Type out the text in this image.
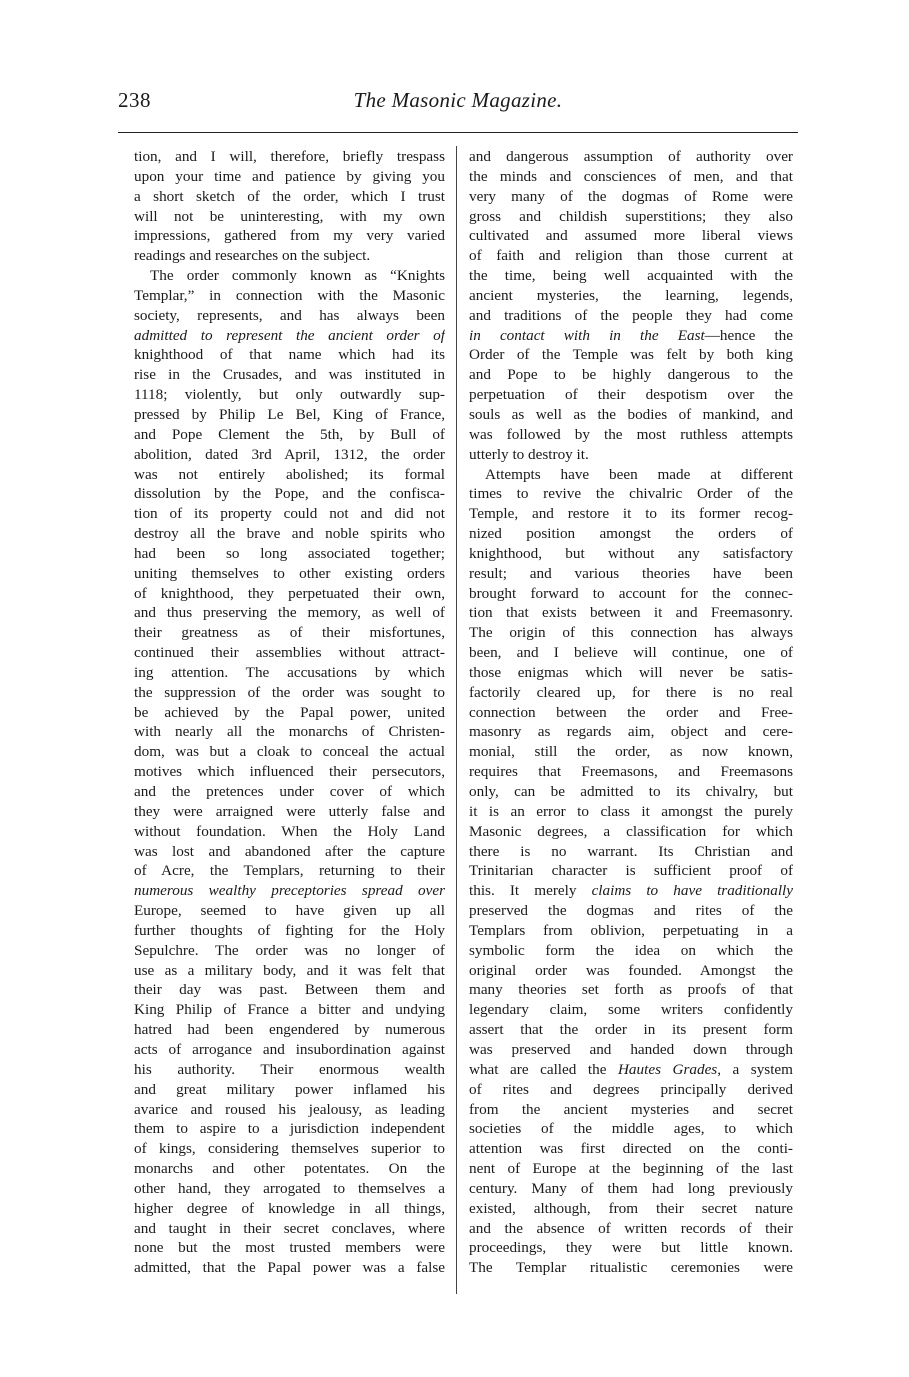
238	The Masonic Magazine.
tion, and I will, therefore, briefly trespass
upon your time and patience by giving you
a short sketch of the order, which I trust
will not be uninteresting, with my own
impressions, gathered from my very varied
readings and researches on the subject.
The order commonly known as “Knights
Templar,” in connection with the Masonic
society, represents, and has always been
admitted to represent the ancient order of
knighthood of that name which had its
rise in the Crusades, and was instituted in
1118; violently, but only outwardly sup-
pressed by Philip Le Bel, King of France,
and Pope Clement the 5th, by Bull of
abolition, dated 3rd April, 1312, the order
was not entirely abolished; its formal
dissolution by the Pope, and the confisca-
tion of its property could not and did not
destroy all the brave and noble spirits who
had been so long associated together;
uniting themselves to other existing orders
of knighthood, they perpetuated their own,
and thus preserving the memory, as well of
their greatness as of their misfortunes,
continued their assemblies without attract-
ing attention. The accusations by which
the suppression of the order was sought to
be achieved by the Papal power, united
with nearly all the monarchs of Christen-
dom, was but a cloak to conceal the actual
motives which influenced their persecutors,
and the pretences under cover of which
they were arraigned were utterly false and
without foundation. When the Holy Land
was lost and abandoned after the capture
of Acre, the Templars, returning to their
numerous wealthy preceptories spread over
Europe, seemed to have given up all
further thoughts of fighting for the Holy
Sepulchre. The order was no longer of
use as a military body, and it was felt that
their day was past. Between them and
King Philip of France a bitter and undying
hatred had been engendered by numerous
acts of arrogance and insubordination against
his authority. Their enormous wealth
and great military power inflamed his
avarice and roused his jealousy, as leading
them to aspire to a jurisdiction independent
of kings, considering themselves superior to
monarchs and other potentates. On the
other hand, they arrogated to themselves a
higher degree of knowledge in all things,
and taught in their secret conclaves, where
none but the most trusted members were
admitted, that the Papal power was a false
and dangerous assumption of authority over
the minds and consciences of men, and that
very many of the dogmas of Rome were
gross and childish superstitions; they also
cultivated and assumed more liberal views
of faith and religion than those current at
the time, being well acquainted with the
ancient mysteries, the learning, legends,
and traditions of the people they had come
in contact with in the East—hence the
Order of the Temple was felt by both king
and Pope to be highly dangerous to the
perpetuation of their despotism over the
souls as well as the bodies of mankind, and
was followed by the most ruthless attempts
utterly to destroy it.
Attempts have been made at different
times to revive the chivalric Order of the
Temple, and restore it to its former recog-
nized position amongst the orders of
knighthood, but without any satisfactory
result; and various theories have been
brought forward to account for the connec-
tion that exists between it and Freemasonry.
The origin of this connection has always
been, and I believe will continue, one of
those enigmas which will never be satis-
factorily cleared up, for there is no real
connection between the order and Free-
masonry as regards aim, object and cere-
monial, still the order, as now known,
requires that Freemasons, and Freemasons
only, can be admitted to its chivalry, but
it is an error to class it amongst the purely
Masonic degrees, a classification for which
there is no warrant. Its Christian and
Trinitarian character is sufficient proof of
this. It merely claims to have traditionally
preserved the dogmas and rites of the
Templars from oblivion, perpetuating in a
symbolic form the idea on which the
original order was founded. Amongst the
many theories set forth as proofs of that
legendary claim, some writers confidently
assert that the order in its present form
was preserved and handed down through
what are called the Hautes Grades, a system
of rites and degrees principally derived
from the ancient mysteries and secret
societies of the middle ages, to which
attention was first directed on the conti-
nent of Europe at the beginning of the last
century. Many of them had long previously
existed, although, from their secret nature
and the absence of written records of their
proceedings, they were but little known.
The Templar ritualistic ceremonies were
